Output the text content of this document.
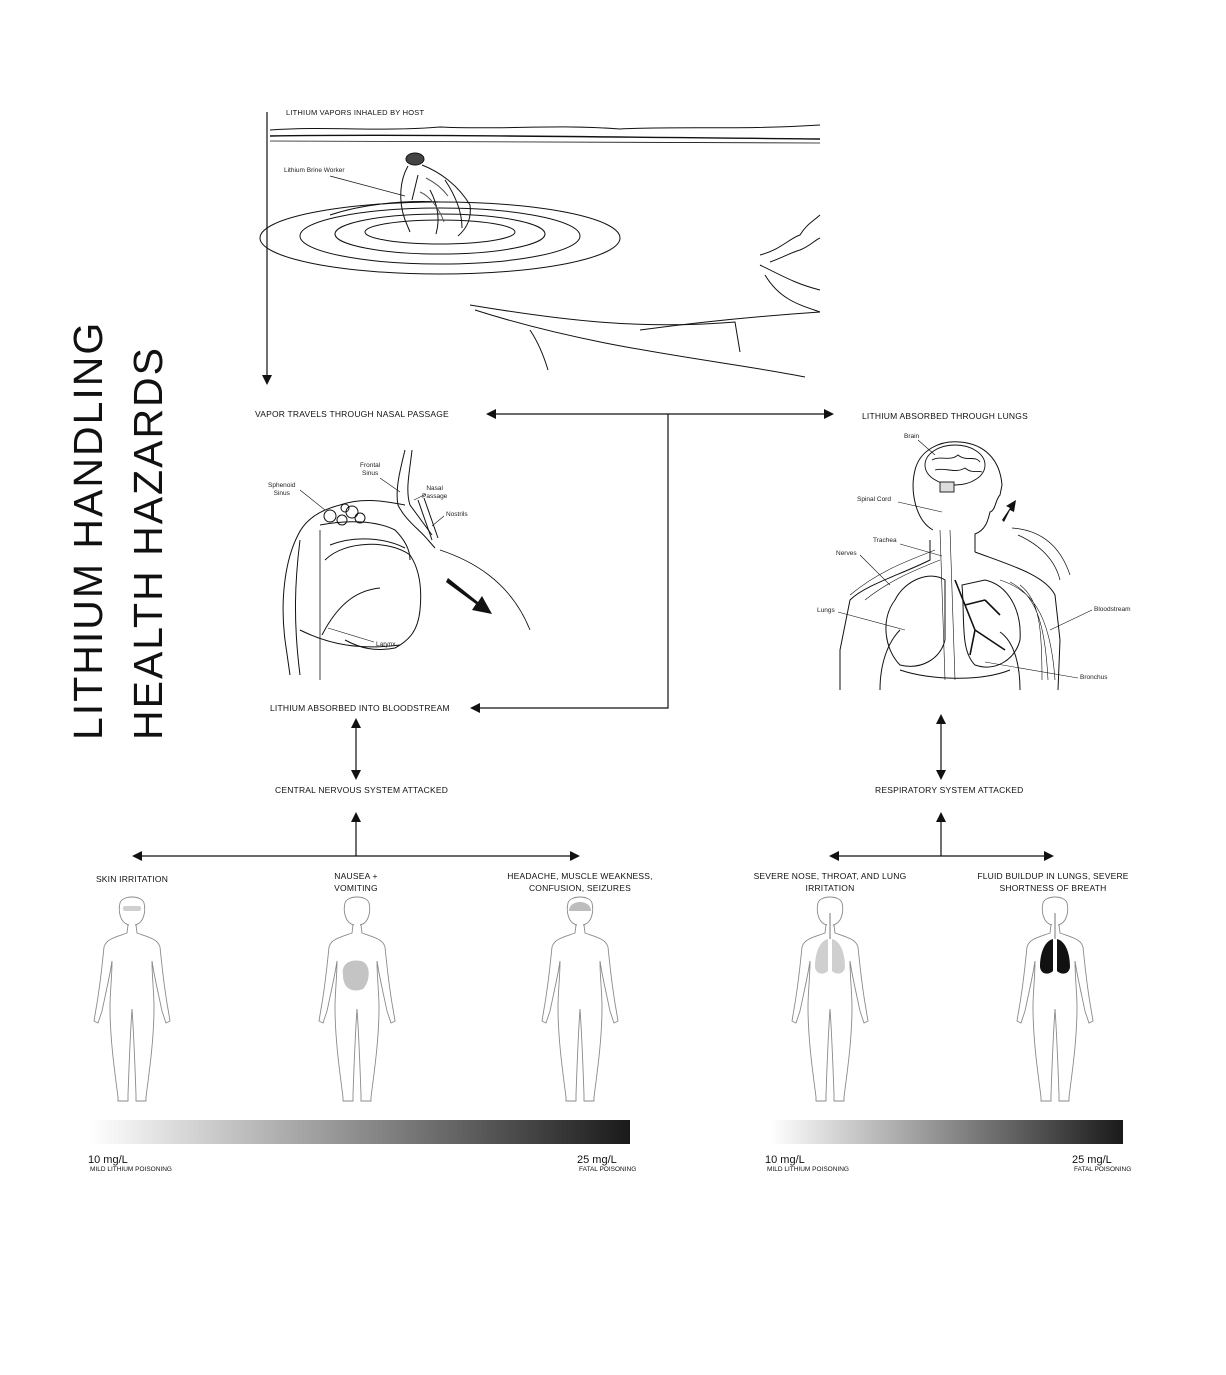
LITHIUM HANDLING HEALTH HAZARDS
LITHIUM VAPORS INHALED BY HOST
Lithium Brine Worker
VAPOR TRAVELS THROUGH NASAL PASSAGE
Frontal
Sinus
Sphenoid
Sinus
Nasal
Passage
Nostrils
Larynx
LITHIUM ABSORBED THROUGH LUNGS
Brain
Spinal Cord
Trachea
Nerves
Lungs	Bloodstream
Bronchus
LITHIUM ABSORBED INTO BLOODSTREAM
CENTRAL NERVOUS SYSTEM ATTACKED	RESPIRATORY SYSTEM ATTACKED
SKIN IRRITATION	NAUSEA +
VOMITING
HEADACHE, MUSCLE WEAKNESS,
CONFUSION, SEIZURES
SEVERE NOSE, THROAT, AND LUNG
IRRITATION
FLUID BUILDUP IN LUNGS, SEVERE
SHORTNESS OF BREATH
10 mg/L
MILD LITHIUM POISONING
25 mg/L
FATAL POISONING
10 mg/L
MILD LITHIUM POISONING
25 mg/L
FATAL POISONING
